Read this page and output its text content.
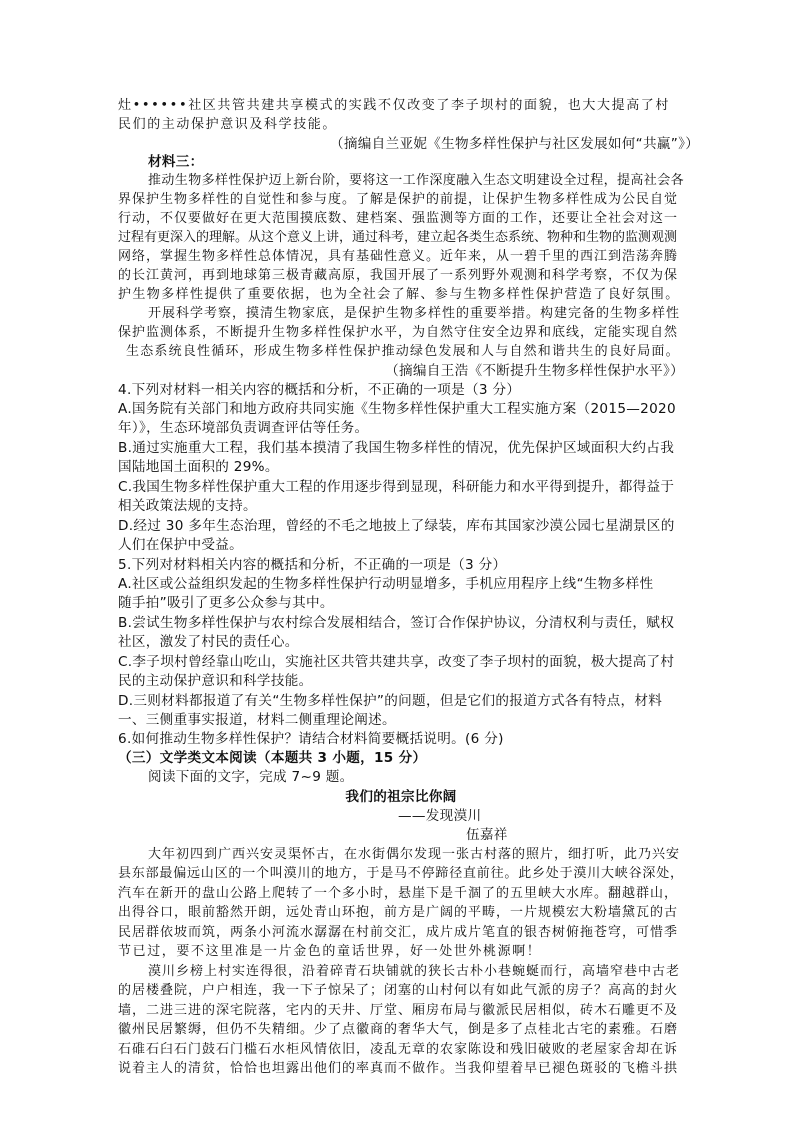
灶••••••社区共管共建共享模式的实践不仅改变了李子坝村的面貌，也大大提高了村
民们的主动保护意识及科学技能。
（摘编自兰亚妮《生物多样性保护与社区发展如何“共赢”》）
材料三：
推动生物多样性保护迈上新台阶，要将这一工作深度融入生态文明建设全过程，提高社会各
界保护生物多样性的自觉性和参与度。了解是保护的前提，让保护生物多样性成为公民自觉
行动，不仅要做好在更大范围摸底数、建档案、强监测等方面的工作，还要让全社会对这一
过程有更深入的理解。从这个意义上讲，通过科考，建立起各类生态系统、物种和生物的监测观测
网络，掌握生物多样性总体情况，具有基础性意义。近年来，从一碧千里的西江到浩荡奔腾
的长江黄河，再到地球第三极青藏高原，我国开展了一系列野外观测和科学考察，不仅为保
护生物多样性提供了重要依据，也为全社会了解、参与生物多样性保护营造了良好氛围。
开展科学考察，摸清生物家底，是保护生物多样性的重要举措。构建完备的生物多样性
保护监测体系，不断提升生物多样性保护水平，为自然守住安全边界和底线，定能实现自然
生态系统良性循环，形成生物多样性保护推动绿色发展和人与自然和谐共生的良好局面。
（摘编自王浩《不断提升生物多样性保护水平》）
4.下列对材料一相关内容的概括和分析，不正确的一项是（3 分）
A.国务院有关部门和地方政府共同实施《生物多样性保护重大工程实施方案（2015—2020
年）》，生态环境部负责调查评估等任务。
B.通过实施重大工程，我们基本摸清了我国生物多样性的情况，优先保护区域面积大约占我
国陆地国土面积的 29%。
C.我国生物多样性保护重大工程的作用逐步得到显现，科研能力和水平得到提升，都得益于
相关政策法规的支持。
D.经过 30 多年生态治理，曾经的不毛之地披上了绿装，库布其国家沙漠公园七星湖景区的
人们在保护中受益。
5.下列对材料相关内容的概括和分析，不正确的一项是（3 分）
A.社区或公益组织发起的生物多样性保护行动明显增多，手机应用程序上线“生物多样性
随手拍”吸引了更多公众参与其中。
B.尝试生物多样性保护与农村综合发展相结合，签订合作保护协议，分清权利与责任，赋权
社区，激发了村民的责任心。
C.李子坝村曾经靠山吃山，实施社区共管共建共享，改变了李子坝村的面貌，极大提高了村
民的主动保护意识和科学技能。
D.三则材料都报道了有关“生物多样性保护”的问题，但是它们的报道方式各有特点，材料
一、三侧重事实报道，材料二侧重理论阐述。
6.如何推动生物多样性保护？请结合材料简要概括说明。(6 分)
（三）文学类文本阅读（本题共 3 小题，15 分）
阅读下面的文字，完成 7~9 题。
我们的祖宗比你阔
——发现漠川
伍嘉祥
大年初四到广西兴安灵渠怀古，在水街偶尔发现一张古村落的照片，细打听，此乃兴安
县东部最偏远山区的一个叫漠川的地方，于是马不停蹄径直前往。此乡处于漠川大峡谷深处，
汽车在新开的盘山公路上爬转了一个多小时，悬崖下是千涸了的五里峡大水库。翻越群山，
出得谷口，眼前豁然开朗，远处青山环抱，前方是广阔的平畴，一片规模宏大粉墙黛瓦的古
民居群依坡而筑，两条小河流水潺潺在村前交汇，成片成片笔直的银杏树俯拖苍穹，可惜季
节已过，要不这里准是一片金色的童话世界，好一处世外桃源啊！
漠川乡榜上村实连得很，沿着碎青石块铺就的狭长古朴小巷蜿蜒而行，高墙窄巷中古老
的居楼叠院，户户相连，我一下子惊呆了；闭塞的山村何以有如此气派的房子？高高的封火
墙，二进三进的深宅院落，宅内的天井、厅堂、厢房布局与徽派民居相似，砖木石雕更不及
徽州民居繁缛，但仍不失精细。少了点徽商的奢华大气，倒是多了点桂北古宅的素雅。石磨
石碓石臼石门鼓石门槛石水柜风情依旧，凌乱无章的农家陈设和残旧破败的老屋家舍却在诉
说着主人的清贫，恰恰也坦露出他们的率真而不做作。当我仰望着早已褪色斑驳的飞檐斗拱
